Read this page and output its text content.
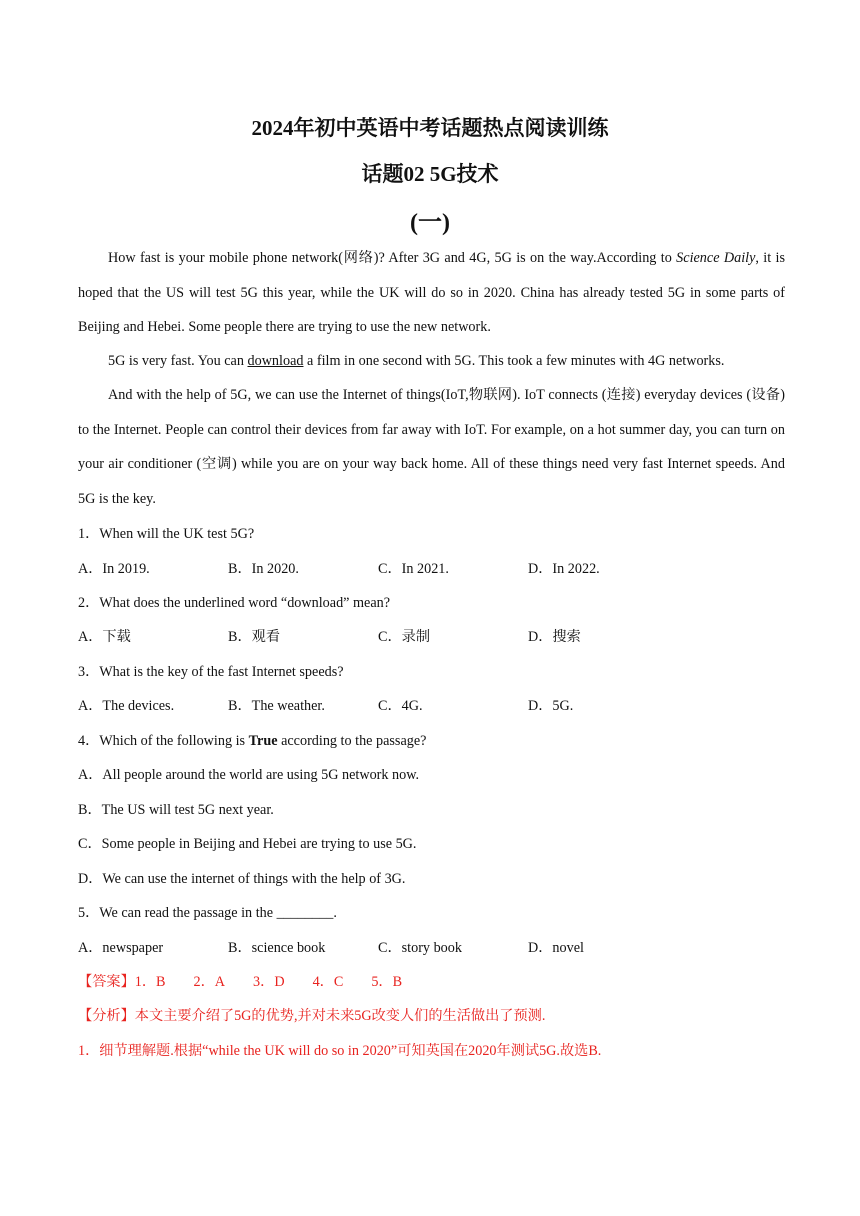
2024年初中英语中考话题热点阅读训练
话题02 5G技术
(一)

How fast is your mobile phone network(网络)? After 3G and 4G, 5G is on the way.According to Science Daily, it is hoped that the US will test 5G this year, while the UK will do so in 2020. China has already tested 5G in some parts of Beijing and Hebei. Some people there are trying to use the new network.

5G is very fast. You can download a film in one second with 5G. This took a few minutes with 4G networks.

And with the help of 5G, we can use the Internet of things(IoT,物联网). IoT connects (连接) everyday devices (设备) to the Internet. People can control their devices from far away with IoT. For example, on a hot summer day, you can turn on your air conditioner (空调) while you are on your way back home. All of these things need very fast Internet speeds. And 5G is the key.

1．When will the UK test 5G?
A．In 2019.	B．In 2020.	C．In 2021.	D．In 2022.
2．What does the underlined word “download” mean?
A．下载	B．观看	C．录制	D．搜索
3．What is the key of the fast Internet speeds?
A．The devices.	B．The weather.	C．4G.	D．5G.
4．Which of the following is True according to the passage?
A．All people around the world are using 5G network now.
B．The US will test 5G next year.
C．Some people in Beijing and Hebei are trying to use 5G.
D．We can use the internet of things with the help of 3G.
5．We can read the passage in the ________.
A．newspaper	B．science book	C．story book	D．novel
【答案】1．B 2．A 3．D 4．C 5．B
【分析】本文主要介绍了5G的优势,并对未来5G改变人们的生活做出了预测.
1．细节理解题.根据“while the UK will do so in 2020”可知英国在2020年测试5G.故选B.
